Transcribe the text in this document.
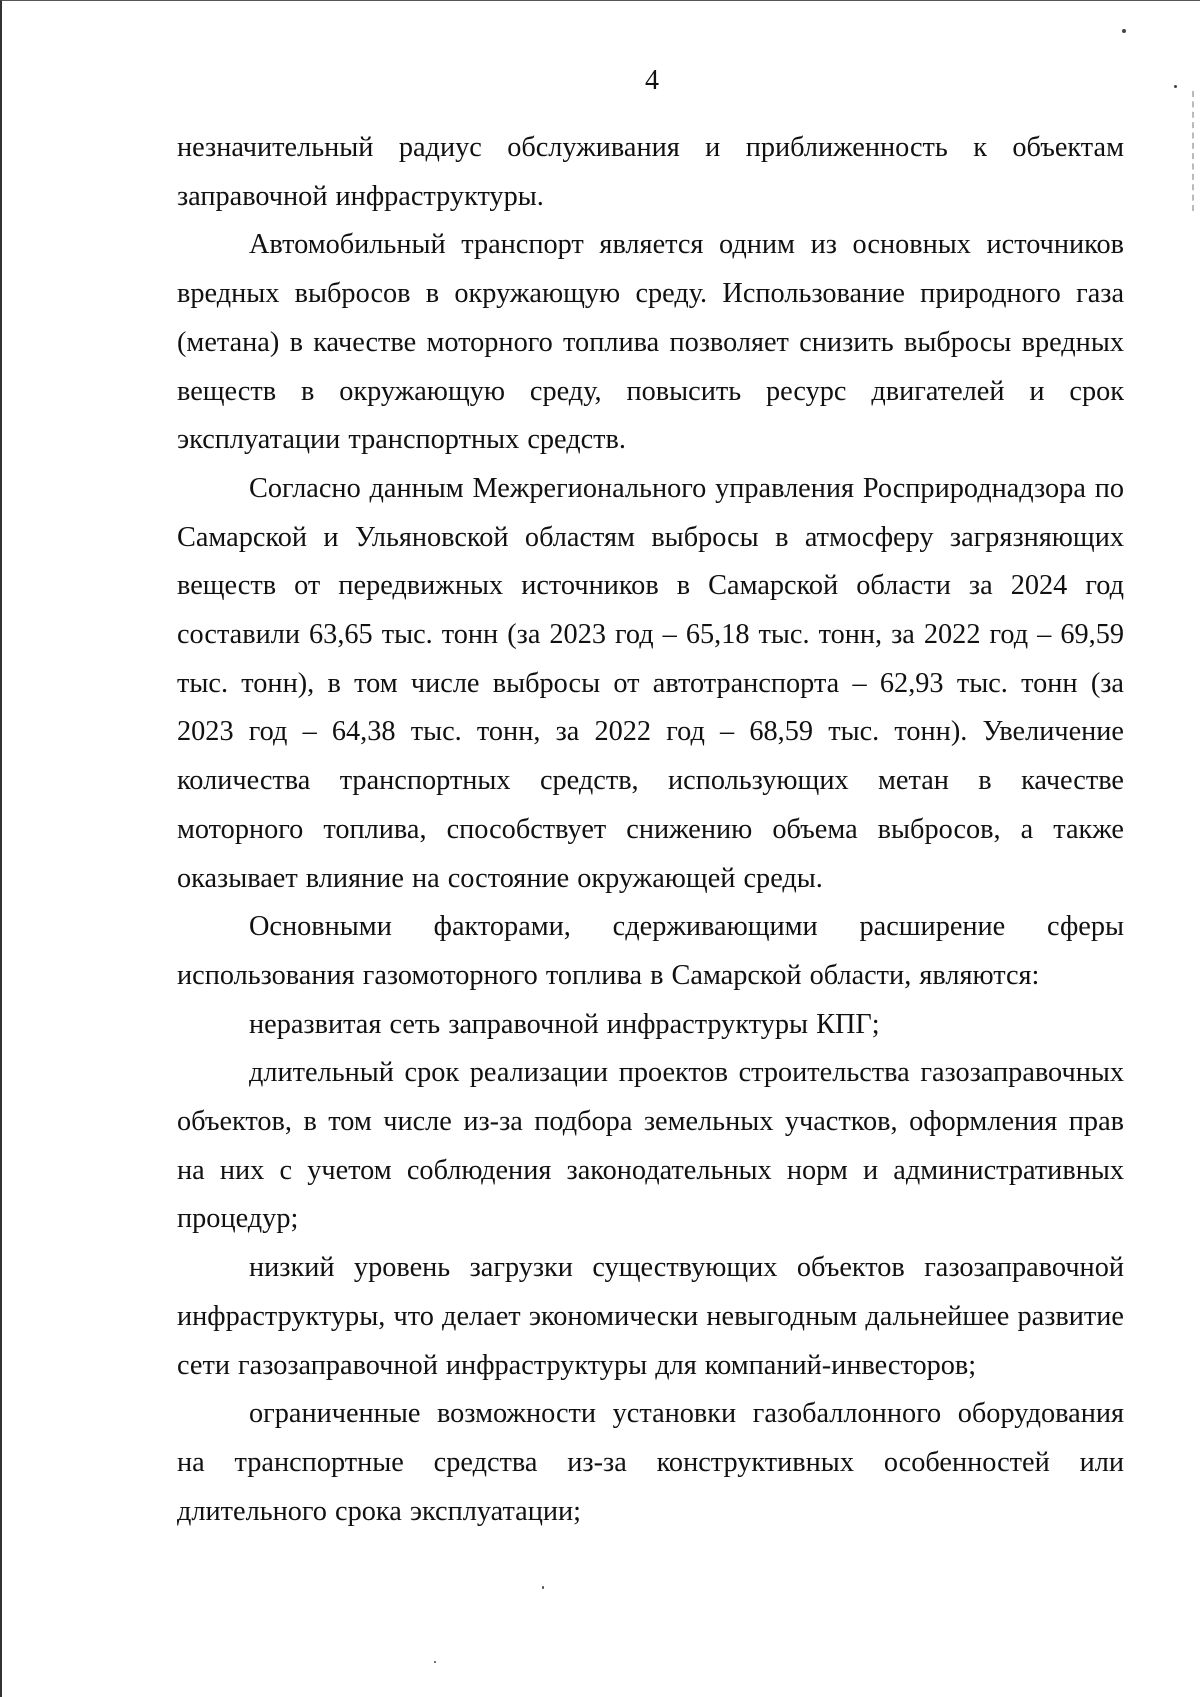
4

незначительный радиус обслуживания и приближенность к объектам заправочной инфраструктуры.

Автомобильный транспорт является одним из основных источников вредных выбросов в окружающую среду. Использование природного газа (метана) в качестве моторного топлива позволяет снизить выбросы вредных веществ в окружающую среду, повысить ресурс двигателей и срок эксплуатации транспортных средств.

Согласно данным Межрегионального управления Росприроднадзора по Самарской и Ульяновской областям выбросы в атмосферу загрязняющих веществ от передвижных источников в Самарской области за 2024 год составили 63,65 тыс. тонн (за 2023 год – 65,18 тыс. тонн, за 2022 год – 69,59 тыс. тонн), в том числе выбросы от автотранспорта – 62,93 тыс. тонн (за 2023 год – 64,38 тыс. тонн, за 2022 год – 68,59 тыс. тонн). Увеличение количества транспортных средств, использующих метан в качестве моторного топлива, способствует снижению объема выбросов, а также оказывает влияние на состояние окружающей среды.

Основными факторами, сдерживающими расширение сферы использования газомоторного топлива в Самарской области, являются:

неразвитая сеть заправочной инфраструктуры КПГ;

длительный срок реализации проектов строительства газозаправочных объектов, в том числе из-за подбора земельных участков, оформления прав на них с учетом соблюдения законодательных норм и административных процедур;

низкий уровень загрузки существующих объектов газозаправочной инфраструктуры, что делает экономически невыгодным дальнейшее развитие сети газозаправочной инфраструктуры для компаний-инвесторов;

ограниченные возможности установки газобаллонного оборудования на транспортные средства из-за конструктивных особенностей или длительного срока эксплуатации;
